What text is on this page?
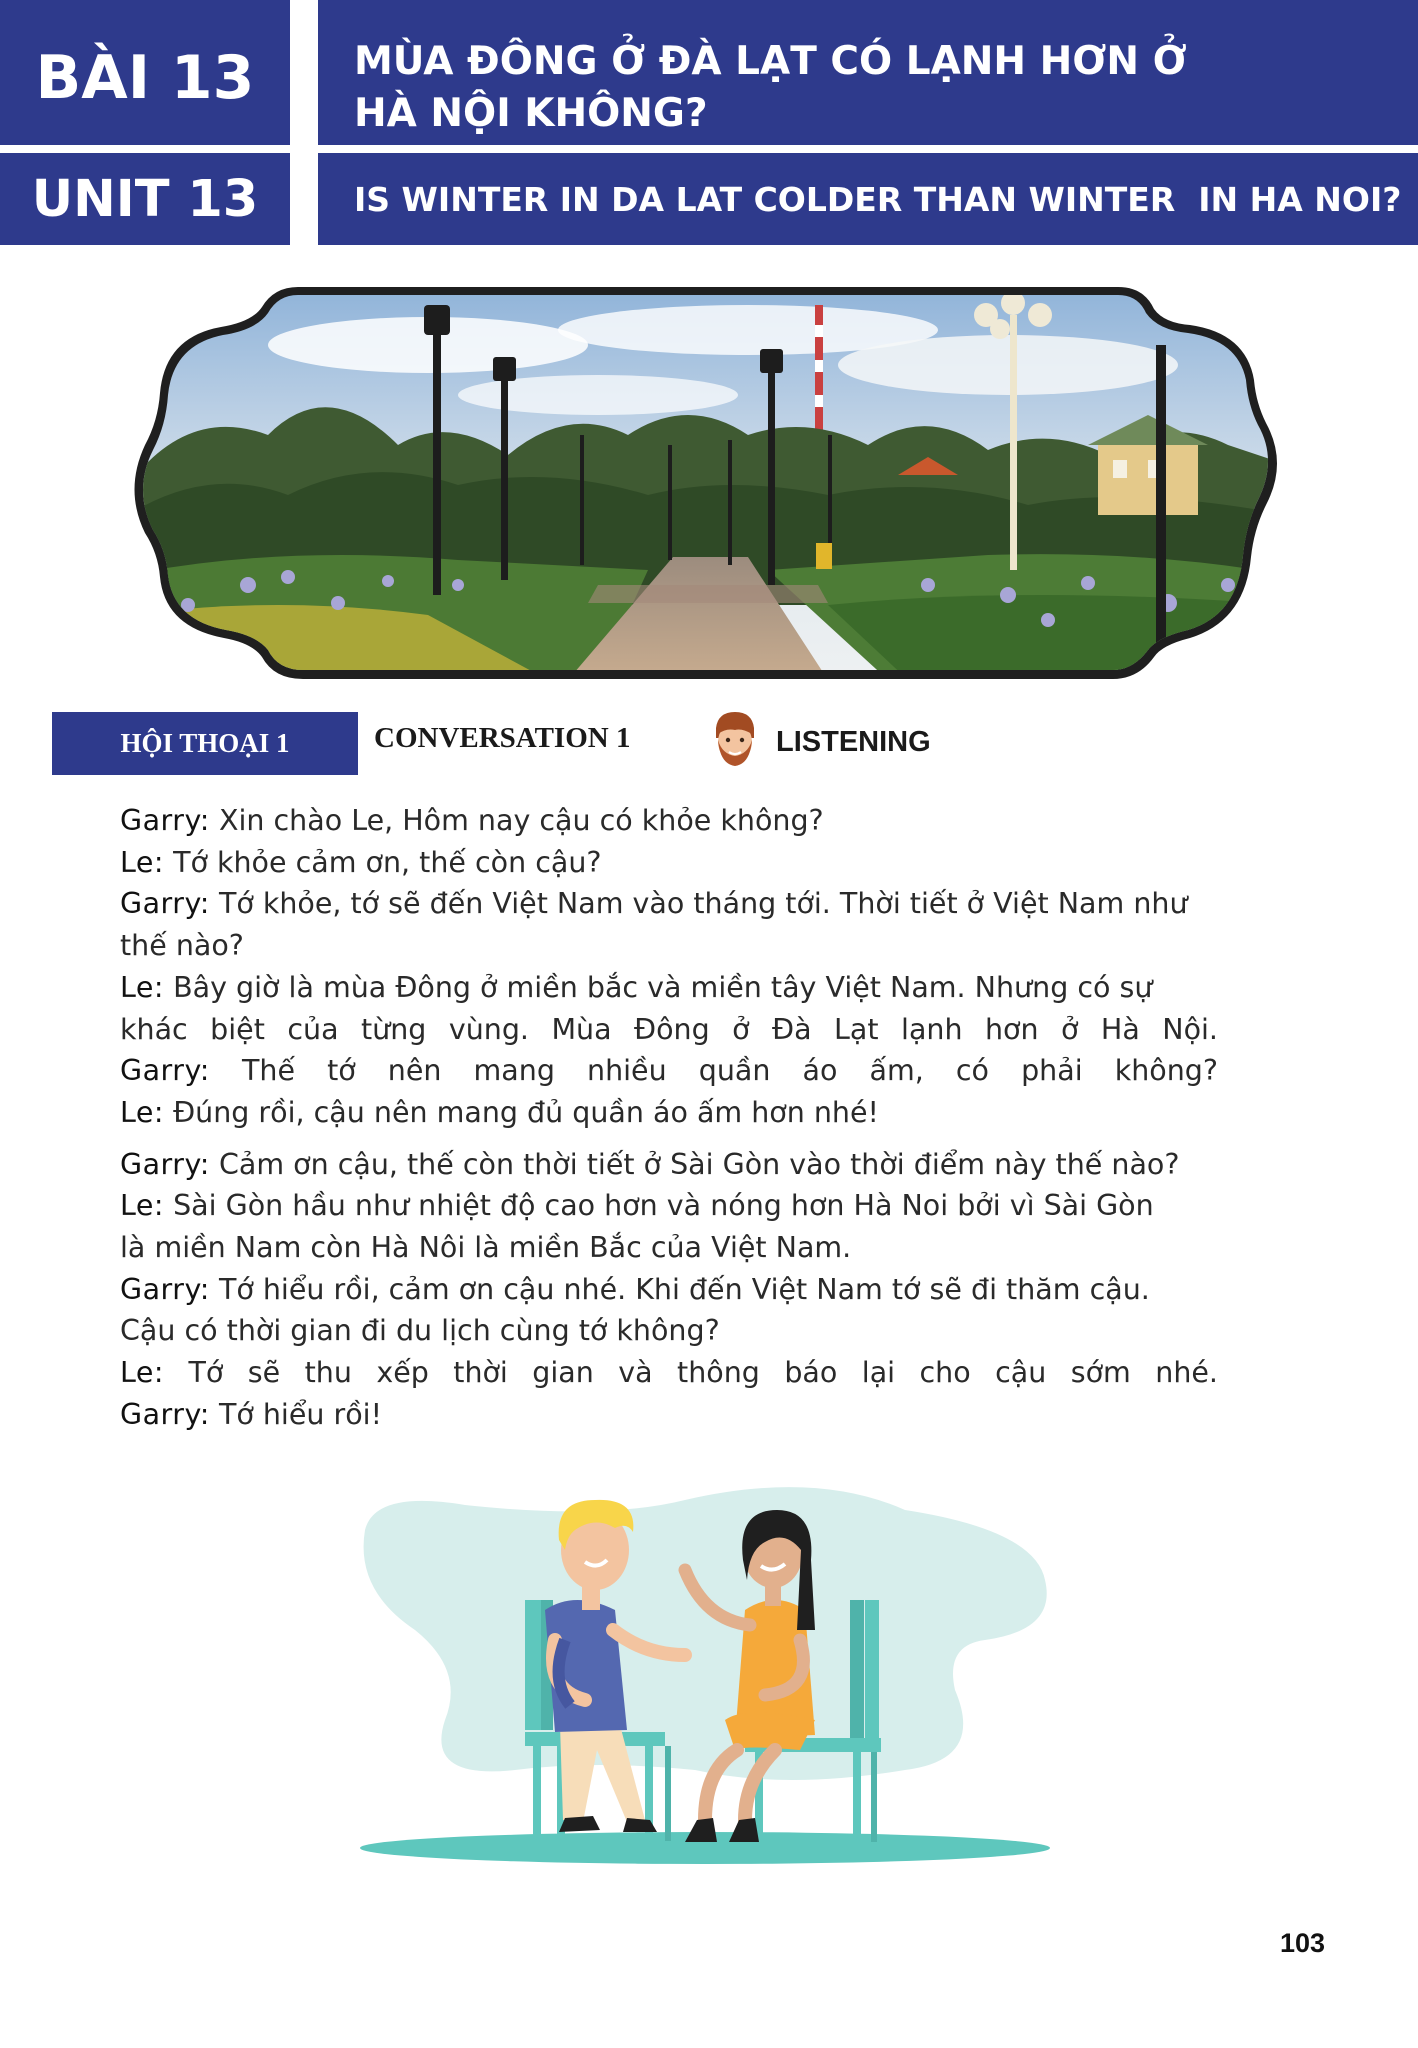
BÀI 13	MÙA ĐÔNG Ở ĐÀ LẠT CÓ LẠNH HƠN Ở
HÀ NỘI KHÔNG?
UNIT 13	IS WINTER IN DA LAT COLDER THAN WINTER  IN HA NOI?
HỘI THOẠI 1	CONVERSATION 1	LISTENING

Garry: Xin chào Le, Hôm nay cậu có khỏe không?

Le: Tớ khỏe cảm ơn, thế còn cậu?

Garry: Tớ khỏe, tớ sẽ đến Việt Nam vào tháng tới. Thời tiết ở Việt Nam như

thế nào?

Le: Bây giờ là mùa Đông ở miền bắc và miền tây Việt Nam. Nhưng có sự

khác biệt của từng vùng. Mùa Đông ở Đà Lạt lạnh hơn ở Hà Nội.

Garry: Thế tớ nên mang nhiều quần áo ấm, có phải không?

Le: Đúng rồi, cậu nên mang đủ quần áo ấm hơn nhé!

Garry: Cảm ơn cậu, thế còn thời tiết ở Sài Gòn vào thời điểm này thế nào?

Le: Sài Gòn hầu như nhiệt độ cao hơn và nóng hơn Hà Noi bởi vì Sài Gòn

là miền Nam còn Hà Nôi là miền Bắc của Việt Nam.

Garry: Tớ hiểu rồi, cảm ơn cậu nhé. Khi đến Việt Nam tớ sẽ đi thăm cậu.

Cậu có thời gian đi du lịch cùng tớ không?

Le: Tớ sẽ thu xếp thời gian và thông báo lại cho cậu sớm nhé.

Garry: Tớ hiểu rồi!

103
